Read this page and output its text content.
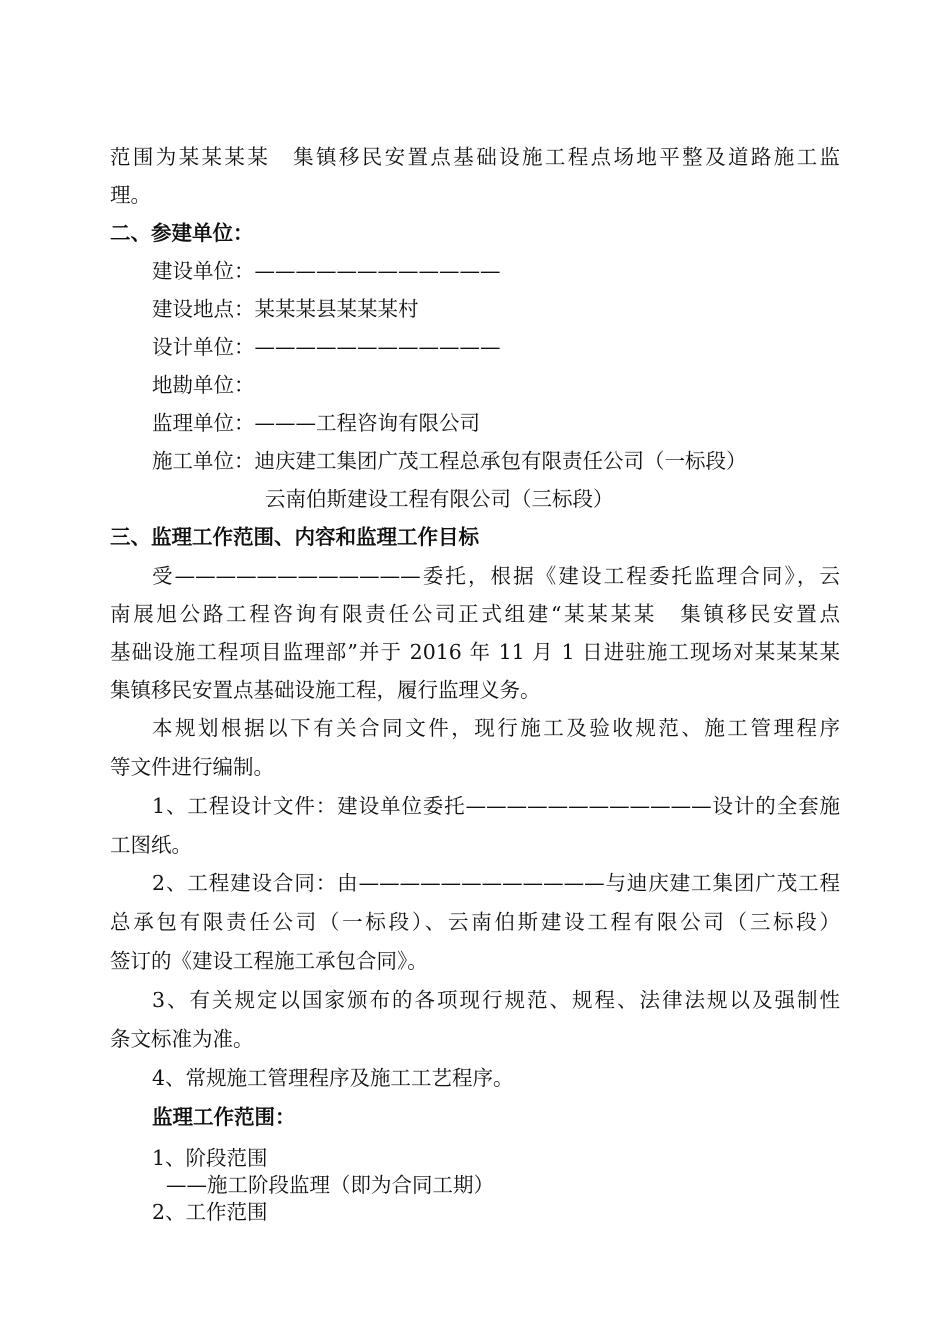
范围为某某某某　集镇移民安置点基础设施工程点场地平整及道路施工监

理。

二、参建单位：

建设单位：————————————

建设地点：某某某县某某某村

设计单位：————————————

地勘单位：

监理单位：———工程咨询有限公司

施工单位：迪庆建工集团广茂工程总承包有限责任公司（一标段）

云南伯斯建设工程有限公司（三标段）

三、监理工作范围、内容和监理工作目标

受————————————委托，根据《建设工程委托监理合同》，云

南展旭公路工程咨询有限责任公司正式组建“某某某某　集镇移民安置点

基础设施工程项目监理部”并于 2016 年 11 月 1 日进驻施工现场对某某某某

集镇移民安置点基础设施工程，履行监理义务。

本规划根据以下有关合同文件，现行施工及验收规范、施工管理程序

等文件进行编制。

1、工程设计文件：建设单位委托————————————设计的全套施

工图纸。

2、工程建设合同：由————————————与迪庆建工集团广茂工程

总承包有限责任公司（一标段）、云南伯斯建设工程有限公司（三标段）

签订的《建设工程施工承包合同》。

3、有关规定以国家颁布的各项现行规范、规程、法律法规以及强制性

条文标准为准。

4、常规施工管理程序及施工工艺程序。

监理工作范围：

1、阶段范围

——施工阶段监理（即为合同工期）

2、工作范围
